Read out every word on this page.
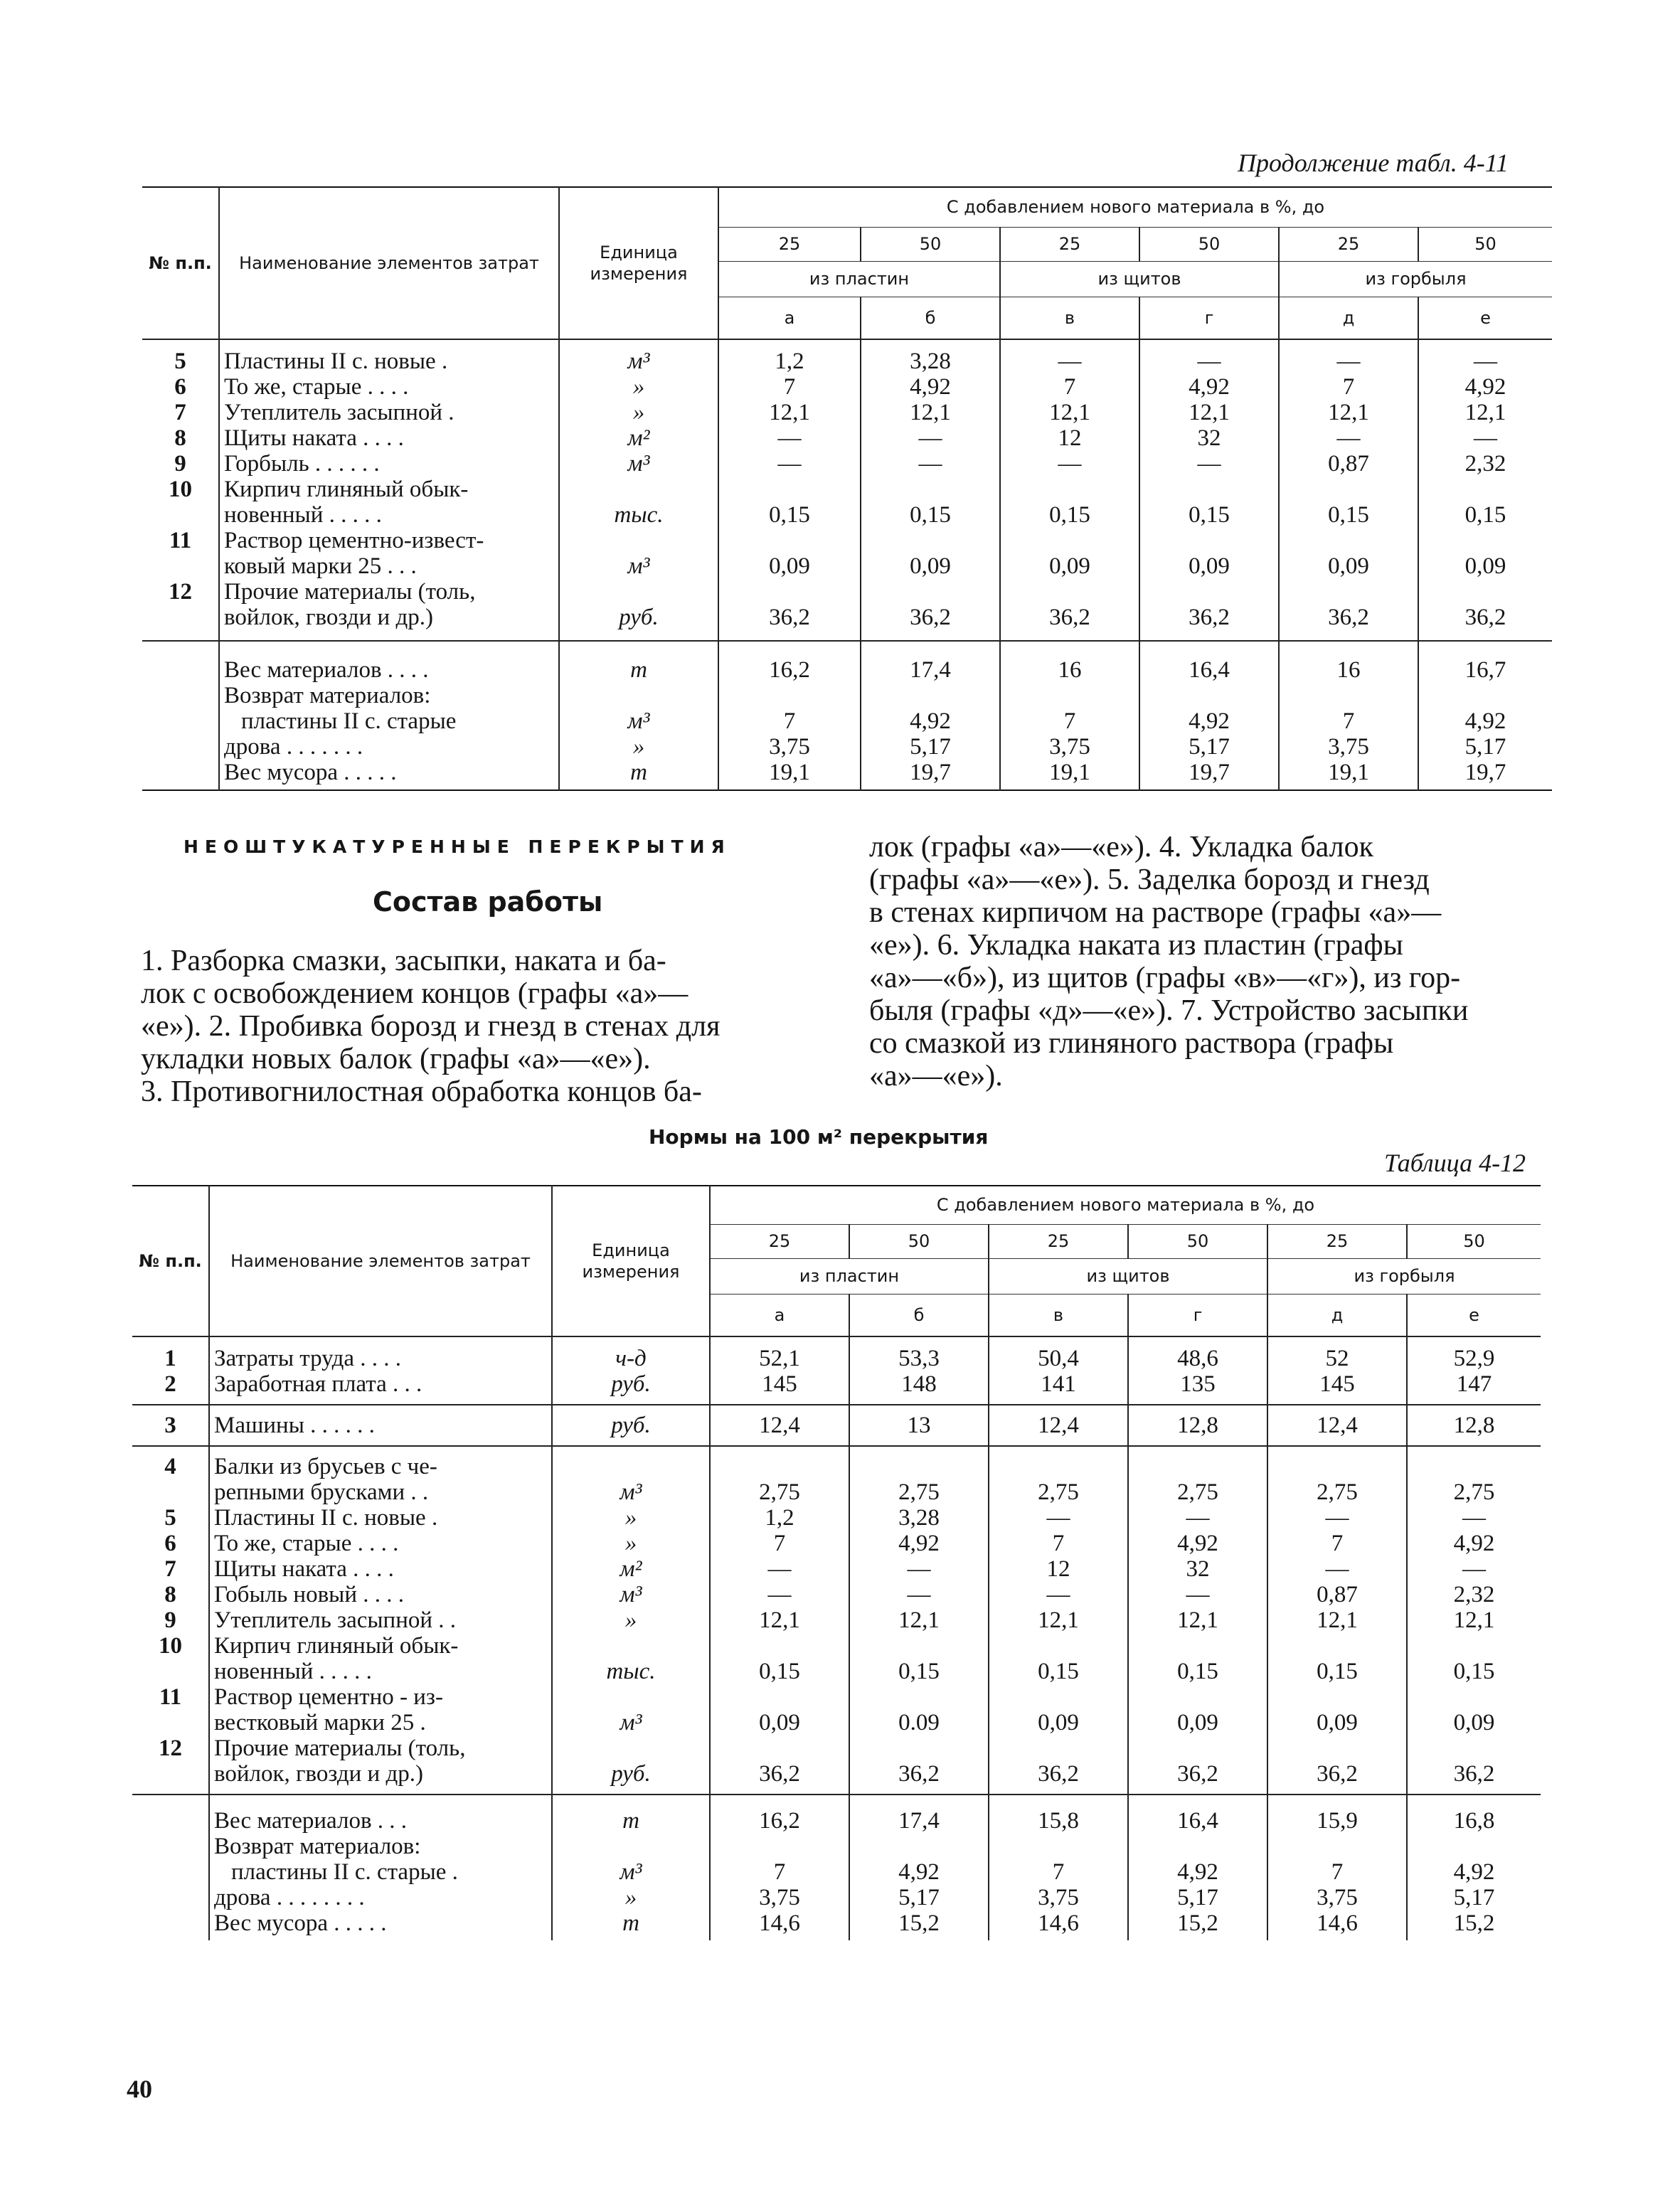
Продолжение табл. 4-11
№ п.п.	Наименование элементов затрат	Единица измерения	С добавлением нового материала в %, до					
			25	50	25	50	25	50
			из пластин		из щитов		из горбыля	
			а	б	в	г	д	е
5	Пластины II с. новые .	м³	1,2	3,28	—	—	—	—
6	То же, старые . . . .	»	7	4,92	7	4,92	7	4,92
7	Утеплитель засыпной .	»	12,1	12,1	12,1	12,1	12,1	12,1
8	Щиты наката . . . .	м²	—	—	12	32	—	—
9	Горбыль . . . . . .	м³	—	—	—	—	0,87	2,32
10	Кирпич глиняный обык-
новенный . . . . .	тыс.	0,15	0,15	0,15	0,15	0,15	0,15
11	Раствор цементно-извест-
ковый марки 25 . . .	м³	0,09	0,09	0,09	0,09	0,09	0,09
12	Прочие материалы (толь,
войлок, гвозди и др.)	руб.	36,2	36,2	36,2	36,2	36,2	36,2
	Вес материалов . . . .	т	16,2	17,4	16	16,4	16	16,7
	Возврат материалов:							
	пластины II с. старые	м³	7	4,92	7	4,92	7	4,92
	дрова . . . . . . .	»	3,75	5,17	3,75	5,17	3,75	5,17
	Вес мусора . . . . .	т	19,1	19,7	19,1	19,7	19,1	19,7
НЕОШТУКАТУРЕННЫЕ ПЕРЕКРЫТИЯ
Состав работы
1. Разборка смазки, засыпки, наката и ба-
лок с освобождением концов (графы «а»—
«е»). 2. Пробивка борозд и гнезд в стенах для
укладки новых балок (графы «а»—«е»).
3. Противогнилостная обработка концов ба-
лок (графы «а»—«е»). 4. Укладка балок
(графы «а»—«е»). 5. Заделка борозд и гнезд
в стенах кирпичом на растворе (графы «а»—
«е»). 6. Укладка наката из пластин (графы
«а»—«б»), из щитов (графы «в»—«г»), из гор-
быля (графы «д»—«е»). 7. Устройство засыпки
со смазкой из глиняного раствора (графы
«а»—«е»).
Нормы на 100 м² перекрытия
Таблица 4-12
№ п.п.	Наименование элементов затрат	Единица измерения	С добавлением нового материала в %, до					
			25	50	25	50	25	50
			из пластин		из щитов		из горбыля	
			а	б	в	г	д	е
1	Затраты труда . . . .	ч-д	52,1	53,3	50,4	48,6	52	52,9
2	Заработная плата . . .	руб.	145	148	141	135	145	147
3	Машины . . . . . .	руб.	12,4	13	12,4	12,8	12,4	12,8
4	Балки из брусьев с че-
репными брусками . .	м³	2,75	2,75	2,75	2,75	2,75	2,75
5	Пластины II с. новые .	»	1,2	3,28	—	—	—	—
6	То же, старые . . . .	»	7	4,92	7	4,92	7	4,92
7	Щиты наката . . . .	м²	—	—	12	32	—	—
8	Гобыль новый . . . .	м³	—	—	—	—	0,87	2,32
9	Утеплитель засыпной . .	»	12,1	12,1	12,1	12,1	12,1	12,1
10	Кирпич глиняный обык-
новенный . . . . .	тыс.	0,15	0,15	0,15	0,15	0,15	0,15
11	Раствор цементно - из-
вестковый марки 25 .	м³	0,09	0.09	0,09	0,09	0,09	0,09
12	Прочие материалы (толь,
войлок, гвозди и др.)	руб.	36,2	36,2	36,2	36,2	36,2	36,2
	Вес материалов . . .	т	16,2	17,4	15,8	16,4	15,9	16,8
	Возврат материалов:							
	пластины II с. старые .	м³	7	4,92	7	4,92	7	4,92
	дрова . . . . . . . .	»	3,75	5,17	3,75	5,17	3,75	5,17
	Вес мусора . . . . .	т	14,6	15,2	14,6	15,2	14,6	15,2
40
